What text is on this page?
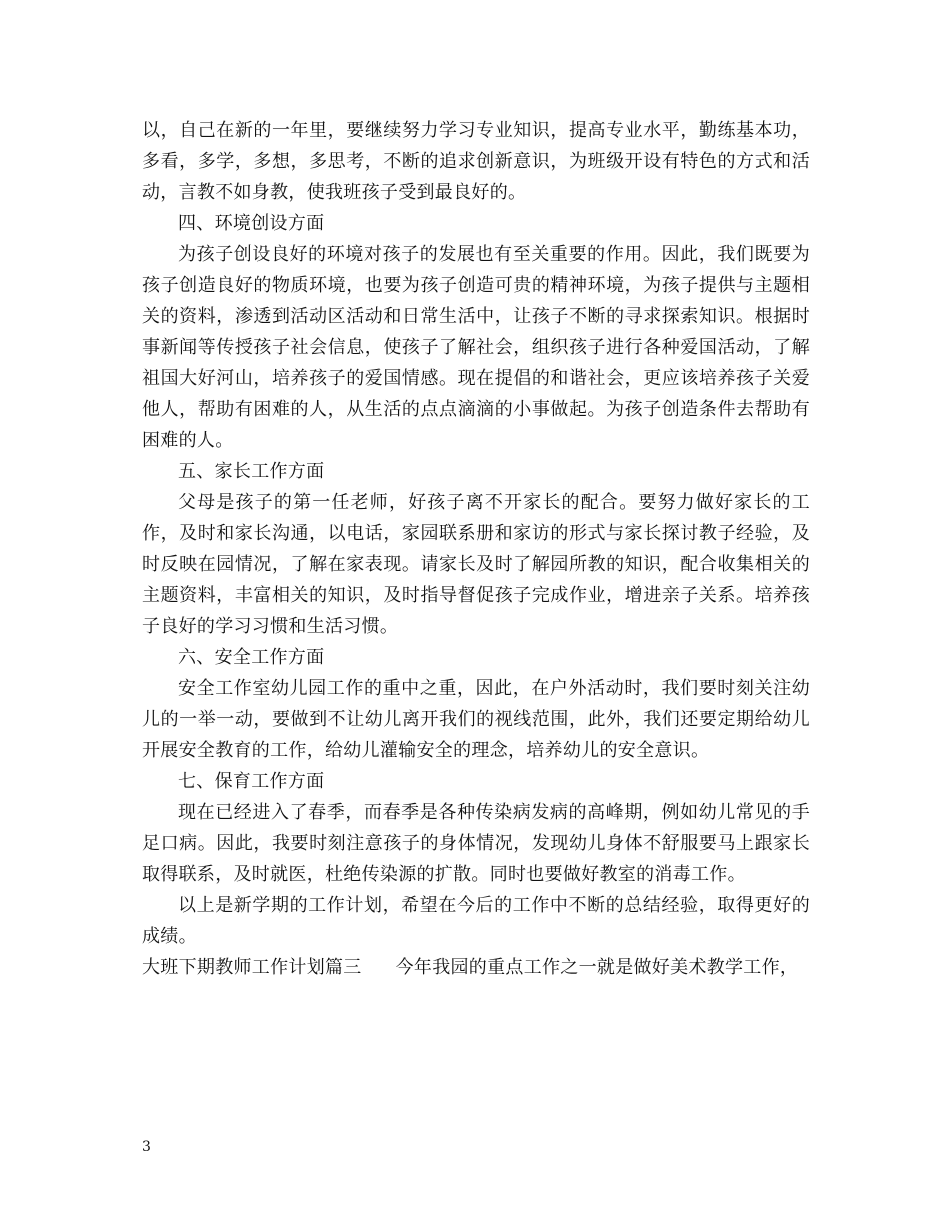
以，自己在新的一年里，要继续努力学习专业知识，提高专业水平，勤练基本功，多看，多学，多想，多思考，不断的追求创新意识，为班级开设有特色的方式和活动，言教不如身教，使我班孩子受到最良好的。

四、环境创设方面

为孩子创设良好的环境对孩子的发展也有至关重要的作用。因此，我们既要为孩子创造良好的物质环境，也要为孩子创造可贵的精神环境，为孩子提供与主题相关的资料，渗透到活动区活动和日常生活中，让孩子不断的寻求探索知识。根据时事新闻等传授孩子社会信息，使孩子了解社会，组织孩子进行各种爱国活动，了解祖国大好河山，培养孩子的爱国情感。现在提倡的和谐社会，更应该培养孩子关爱他人，帮助有困难的人，从生活的点点滴滴的小事做起。为孩子创造条件去帮助有困难的人。

五、家长工作方面

父母是孩子的第一任老师，好孩子离不开家长的配合。要努力做好家长的工作，及时和家长沟通，以电话，家园联系册和家访的形式与家长探讨教子经验，及时反映在园情况，了解在家表现。请家长及时了解园所教的知识，配合收集相关的主题资料，丰富相关的知识，及时指导督促孩子完成作业，增进亲子关系。培养孩子良好的学习习惯和生活习惯。

六、安全工作方面

安全工作室幼儿园工作的重中之重，因此，在户外活动时，我们要时刻关注幼儿的一举一动，要做到不让幼儿离开我们的视线范围，此外，我们还要定期给幼儿开展安全教育的工作，给幼儿灌输安全的理念，培养幼儿的安全意识。

七、保育工作方面

现在已经进入了春季，而春季是各种传染病发病的高峰期，例如幼儿常见的手足口病。因此，我要时刻注意孩子的身体情况，发现幼儿身体不舒服要马上跟家长取得联系，及时就医，杜绝传染源的扩散。同时也要做好教室的消毒工作。

以上是新学期的工作计划，希望在今后的工作中不断的总结经验，取得更好的成绩。

大班下期教师工作计划篇三 今年我园的重点工作之一就是做好美术教学工作，
3
